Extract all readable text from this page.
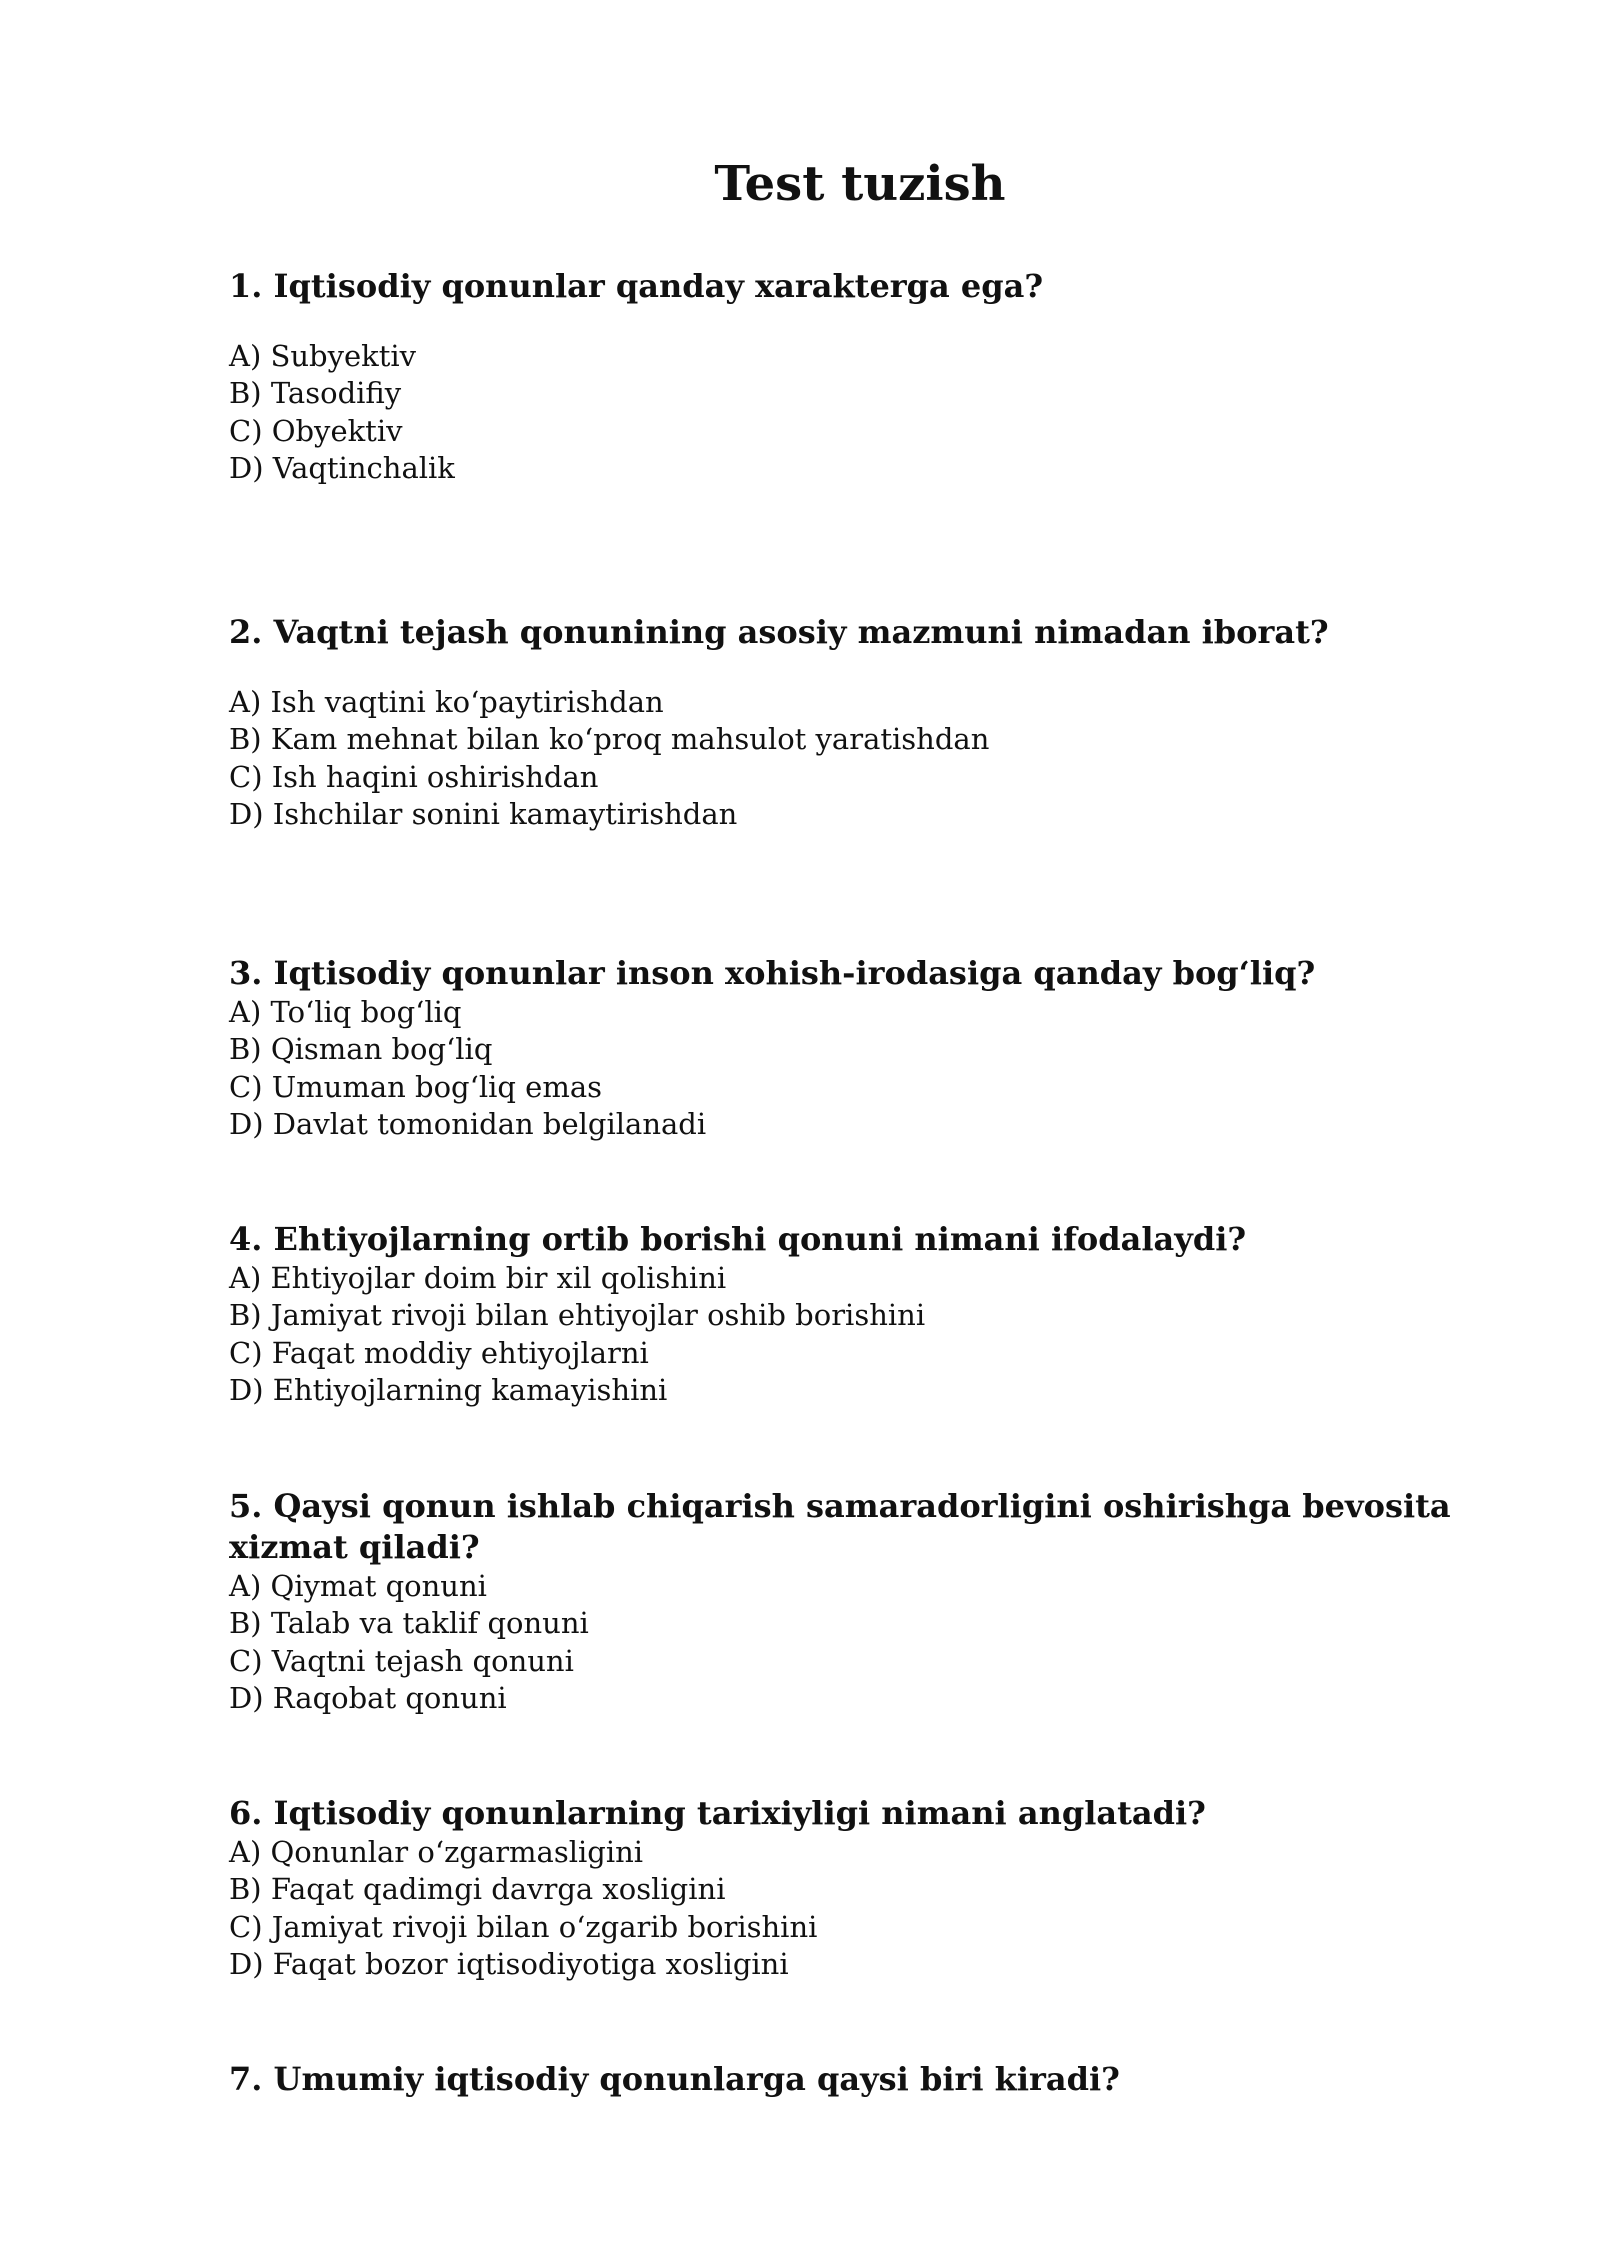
Test tuzish

1. Iqtisodiy qonunlar qanday xarakterga ega?

A) Subyektiv
B) Tasodifiy
C) Obyektiv
D) Vaqtinchalik

2. Vaqtni tejash qonunining asosiy mazmuni nimadan iborat?

A) Ish vaqtini ko‘paytirishdan
B) Kam mehnat bilan ko‘proq mahsulot yaratishdan
C) Ish haqini oshirishdan
D) Ishchilar sonini kamaytirishdan

3. Iqtisodiy qonunlar inson xohish-irodasiga qanday bog‘liq?

A) To‘liq bog‘liq
B) Qisman bog‘liq
C) Umuman bog‘liq emas
D) Davlat tomonidan belgilanadi

4. Ehtiyojlarning ortib borishi qonuni nimani ifodalaydi?

A) Ehtiyojlar doim bir xil qolishini
B) Jamiyat rivoji bilan ehtiyojlar oshib borishini
C) Faqat moddiy ehtiyojlarni
D) Ehtiyojlarning kamayishini

5. Qaysi qonun ishlab chiqarish samaradorligini oshirishga bevosita xizmat qiladi?

A) Qiymat qonuni
B) Talab va taklif qonuni
C) Vaqtni tejash qonuni
D) Raqobat qonuni

6. Iqtisodiy qonunlarning tarixiyligi nimani anglatadi?

A) Qonunlar o‘zgarmasligini
B) Faqat qadimgi davrga xosligini
C) Jamiyat rivoji bilan o‘zgarib borishini
D) Faqat bozor iqtisodiyotiga xosligini

7. Umumiy iqtisodiy qonunlarga qaysi biri kiradi?
